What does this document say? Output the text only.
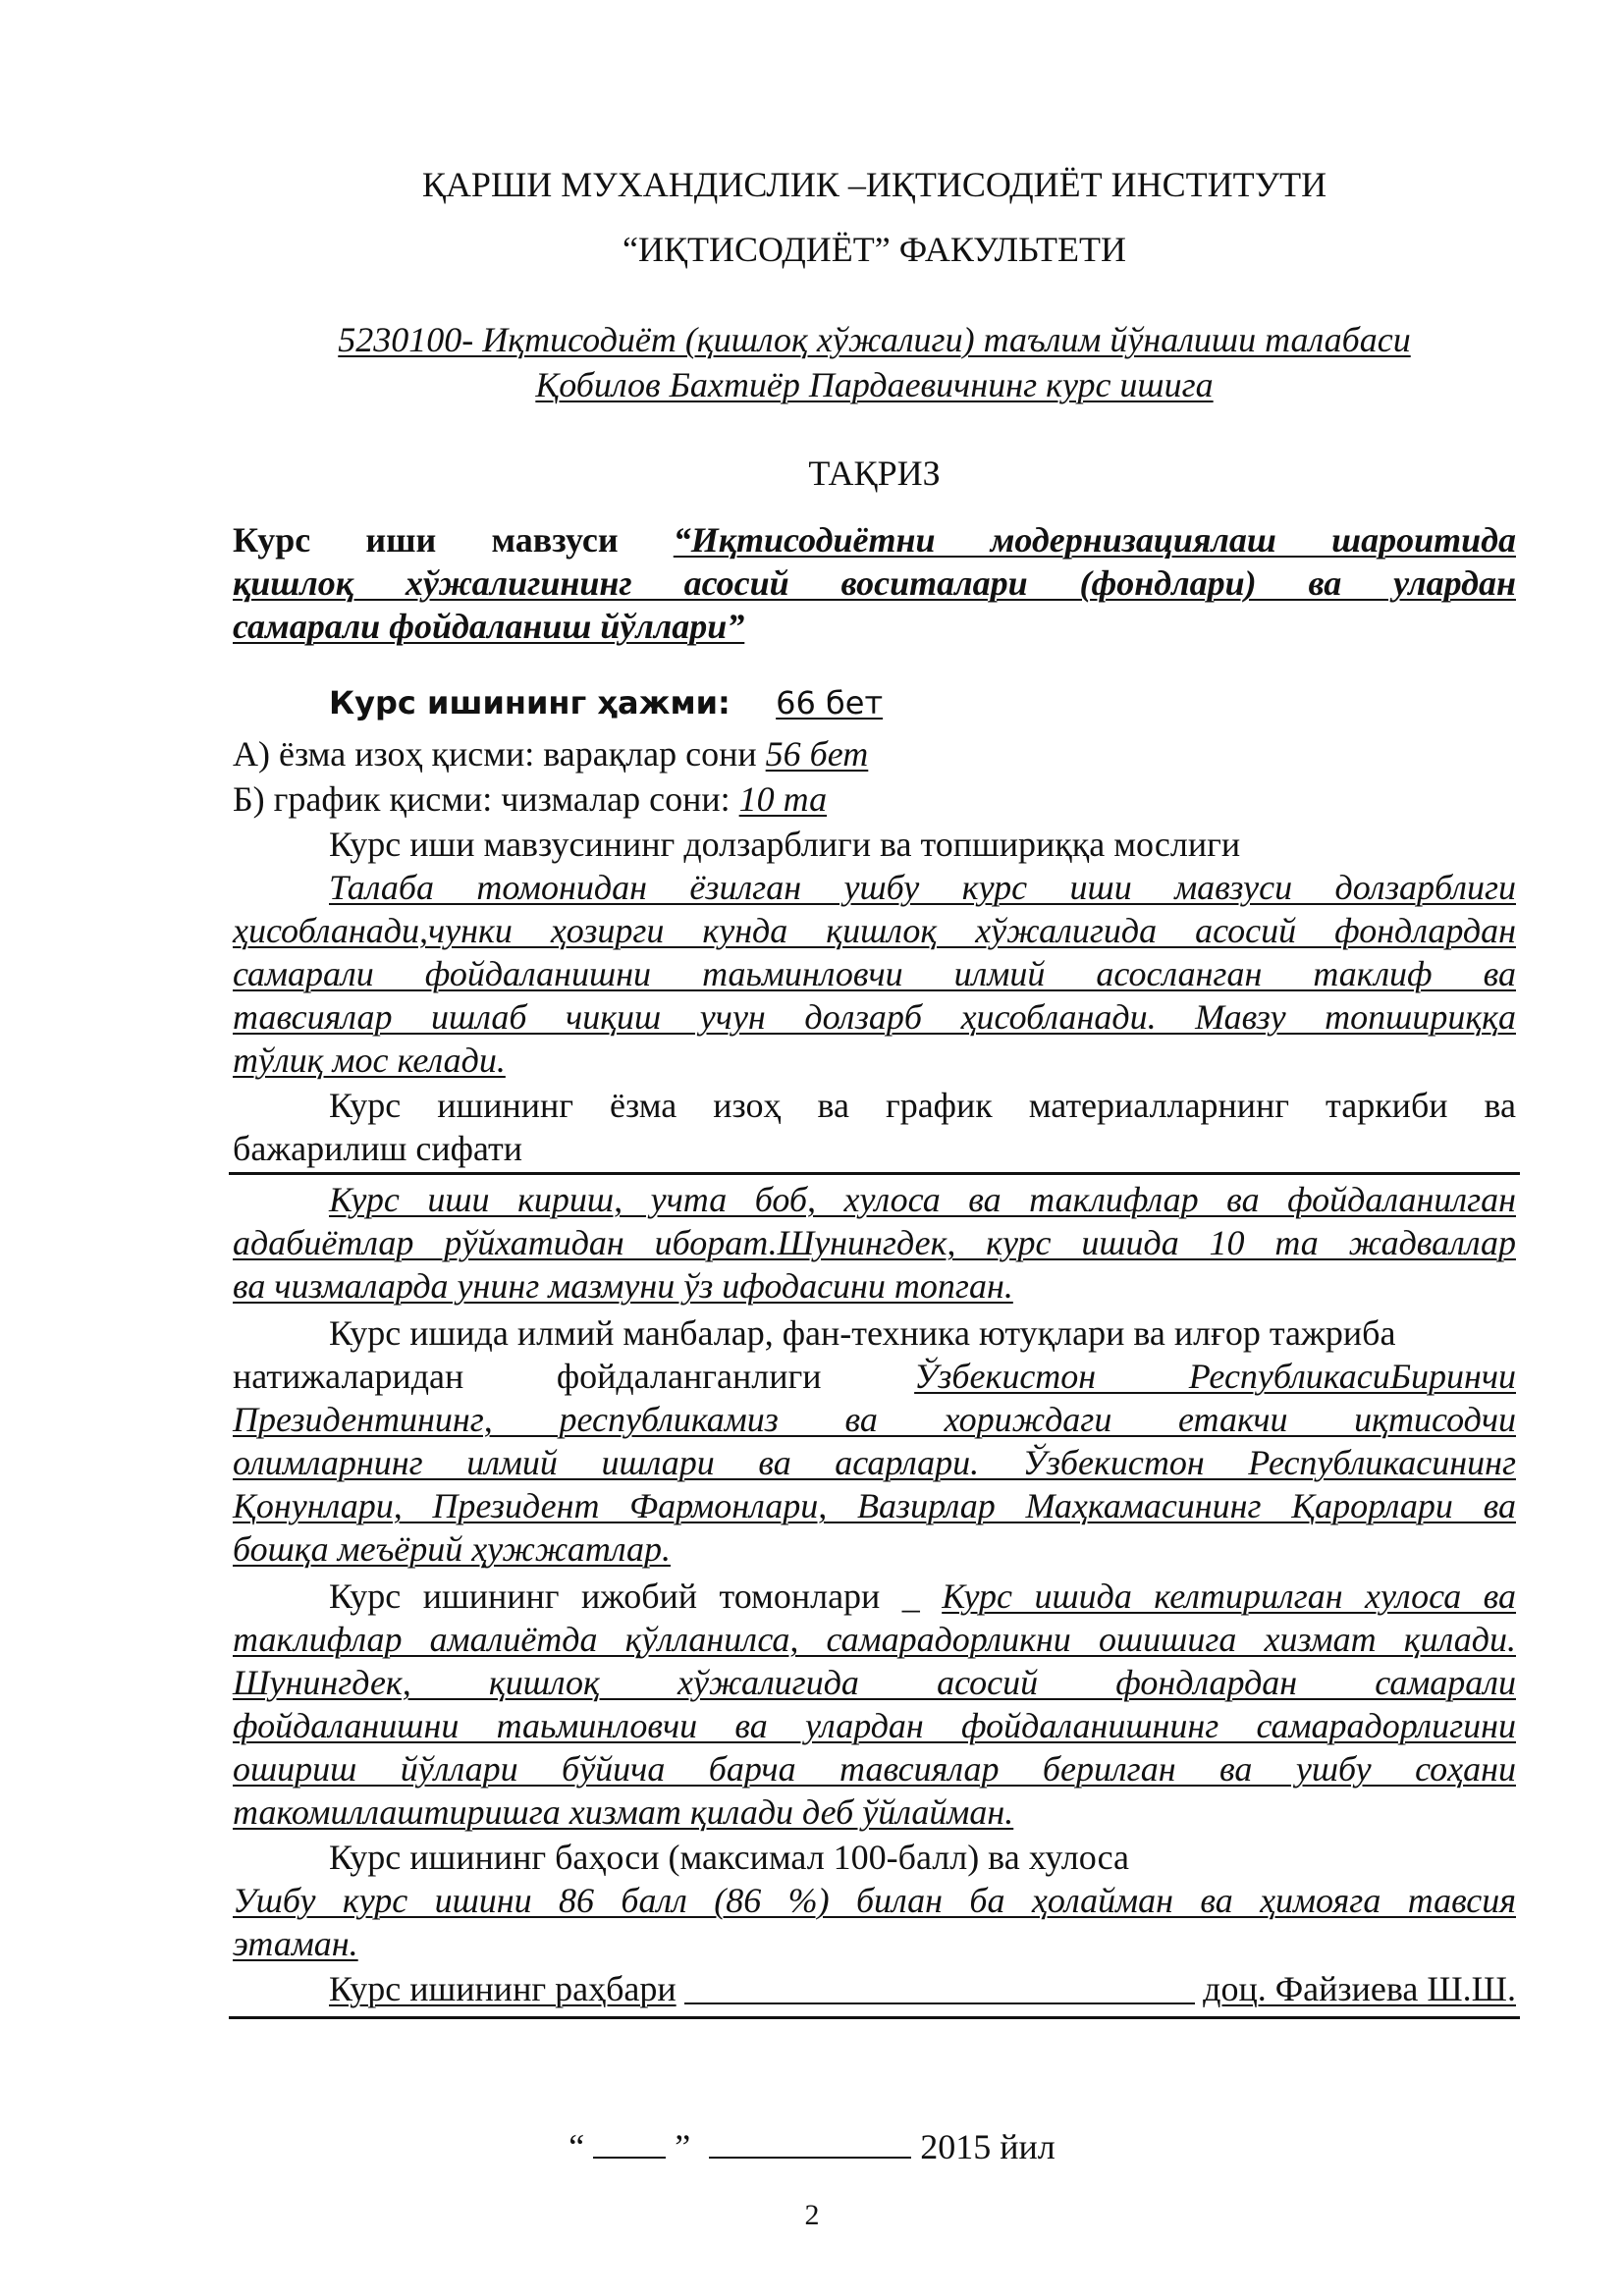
ҚАРШИ МУХАНДИСЛИК –ИҚТИСОДИЁТ ИНСТИТУТИ
“ИҚТИСОДИЁТ” ФАКУЛЬТЕТИ
5230100- Иқтисодиёт (қишлоқ хўжалиги) таълим йўналиши талабаси
Қобилов Бахтиёр Пардаевичнинг курс ишига
ТАҚРИЗ
Курс иши мавзуси “Иқтисодиётни модернизациялаш шароитида
қишлоқ хўжалигининг асосий воситалари (фондлари) ва улардан
самарали фойдаланиш йўллари”
Курс ишининг ҳажми: 66 бет
А) ёзма изоҳ қисми: варақлар сони 56 бет
Б) график қисми: чизмалар сони: 10 та
Курс иши мавзусининг долзарблиги ва топшириққа мослиги
Талаба томонидан ёзилган ушбу курс иши мавзуси долзарблиги
ҳисобланади,чунки ҳозирги кунда қишлоқ хўжалигида асосий фондлардан
самарали фойдаланишни таьминловчи илмий асосланган таклиф ва
тавсиялар ишлаб чиқиш учун долзарб ҳисобланади. Мавзу топшириққа
тўлиқ мос келади.
Курс ишининг ёзма изоҳ ва график материалларнинг таркиби ва
бажарилиш сифати
Курс иши кириш, учта боб, хулоса ва таклифлар ва фойдаланилган
адабиётлар рўйхатидан иборат.Шунингдек, курс ишида 10 та жадваллар
ва чизмаларда унинг мазмуни ўз ифодасини топган.
Курс ишида илмий манбалар, фан-техника ютуқлари ва илғор тажриба
натижаларидан фойдаланганлиги	Ўзбекистон РеспубликасиБиринчи
Президентининг, республикамиз ва хориждаги етакчи иқтисодчи
олимларнинг илмий ишлари ва асарлари. Ўзбекистон Республикасининг
Қонунлари, Президент Фармонлари, Вазирлар Маҳкамасининг Қарорлари ва
бошқа меъёрий ҳужжатлар.
Курс ишининг ижобий томонлари _ Курс ишида келтирилган хулоса ва
таклифлар амалиётда қўлланилса, самарадорликни ошишига хизмат қилади.
Шунингдек, қишлоқ хўжалигида асосий фондлардан самарали
фойдаланишни таьминловчи ва улардан фойдаланишнинг самарадорлигини
ошириш йўллари бўйича барча тавсиялар берилган ва ушбу соҳани
такомиллаштиришга хизмат қилади деб ўйлайман.
Курс ишининг баҳоси (максимал 100-балл) ва хулоса
Ушбу курс ишини 86 балл (86 %) билан ба ҳолайман ва ҳимояга тавсия
этаман.
Курс ишининг раҳбари	доц. Файзиева Ш.Ш.
“	”	2015 йил
2
